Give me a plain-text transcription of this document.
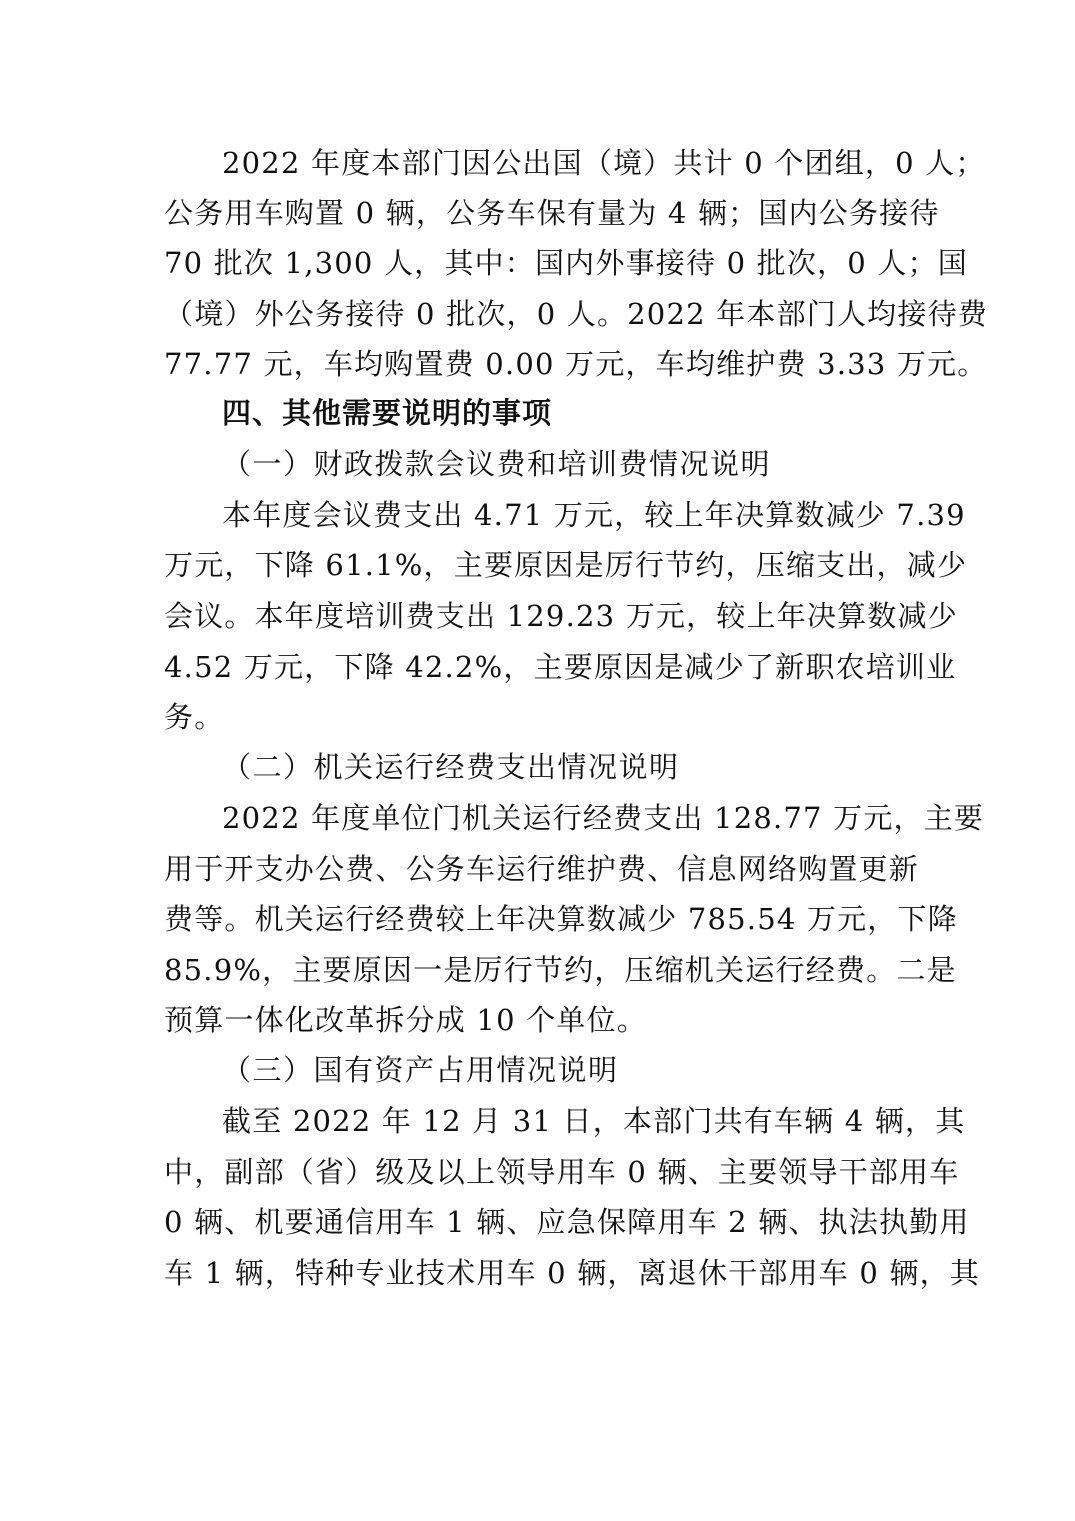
2022 年度本部门因公出国（境）共计 0 个团组，0 人；
公务用车购置 0 辆，公务车保有量为 4 辆；国内公务接待
70 批次 1,300 人，其中：国内外事接待 0 批次，0 人；国
（境）外公务接待 0 批次，0 人。2022 年本部门人均接待费
77.77 元，车均购置费 0.00 万元，车均维护费 3.33 万元。
四、其他需要说明的事项
（一）财政拨款会议费和培训费情况说明
本年度会议费支出 4.71 万元，较上年决算数减少 7.39
万元，下降 61.1%，主要原因是厉行节约，压缩支出，减少
会议。本年度培训费支出 129.23 万元，较上年决算数减少
4.52 万元，下降 42.2%，主要原因是减少了新职农培训业
务。
（二）机关运行经费支出情况说明
2022 年度单位门机关运行经费支出 128.77 万元，主要
用于开支办公费、公务车运行维护费、信息网络购置更新
费等。机关运行经费较上年决算数减少 785.54 万元，下降
85.9%，主要原因一是厉行节约，压缩机关运行经费。二是
预算一体化改革拆分成 10 个单位。
（三）国有资产占用情况说明
截至 2022 年 12 月 31 日，本部门共有车辆 4 辆，其
中，副部（省）级及以上领导用车 0 辆、主要领导干部用车
0 辆、机要通信用车 1 辆、应急保障用车 2 辆、执法执勤用
车 1 辆，特种专业技术用车 0 辆，离退休干部用车 0 辆，其
